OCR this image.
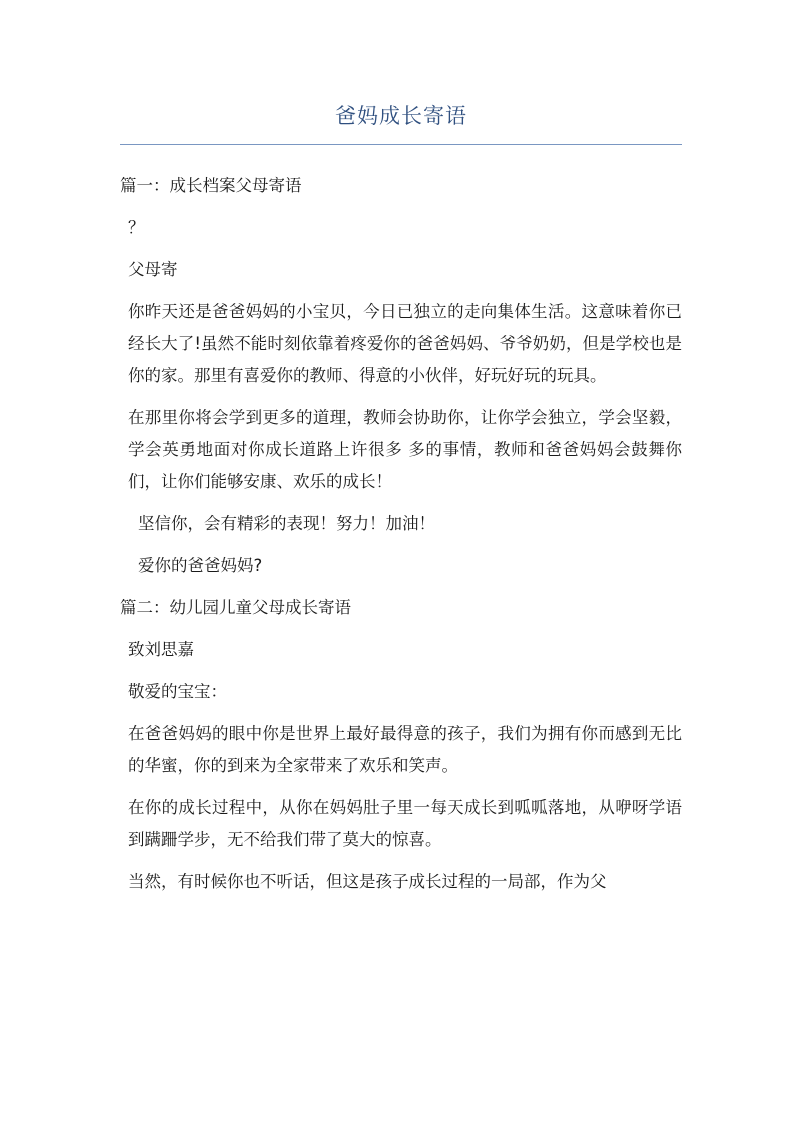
爸妈成长寄语

篇一：成长档案父母寄语

？

父母寄

你昨天还是爸爸妈妈的小宝贝，今日已独立的走向集体生活。这意味着你已经长大了!虽然不能时刻依靠着疼爱你的爸爸妈妈、爷爷奶奶，但是学校也是你的家。那里有喜爱你的教师、得意的小伙伴，好玩好玩的玩具。

在那里你将会学到更多的道理，教师会协助你，让你学会独立，学会坚毅，学会英勇地面对你成长道路上许很多 多的事情，教师和爸爸妈妈会鼓舞你们，让你们能够安康、欢乐的成长！

坚信你，会有精彩的表现！努力！加油！

爱你的爸爸妈妈?

篇二：幼儿园儿童父母成长寄语

致刘思嘉

敬爱的宝宝：

在爸爸妈妈的眼中你是世界上最好最得意的孩子，我们为拥有你而感到无比的华蜜，你的到来为全家带来了欢乐和笑声。

在你的成长过程中，从你在妈妈肚子里一每天成长到呱呱落地，从咿呀学语到蹒跚学步，无不给我们带了莫大的惊喜。

当然，有时候你也不听话，但这是孩子成长过程的一局部，作为父
